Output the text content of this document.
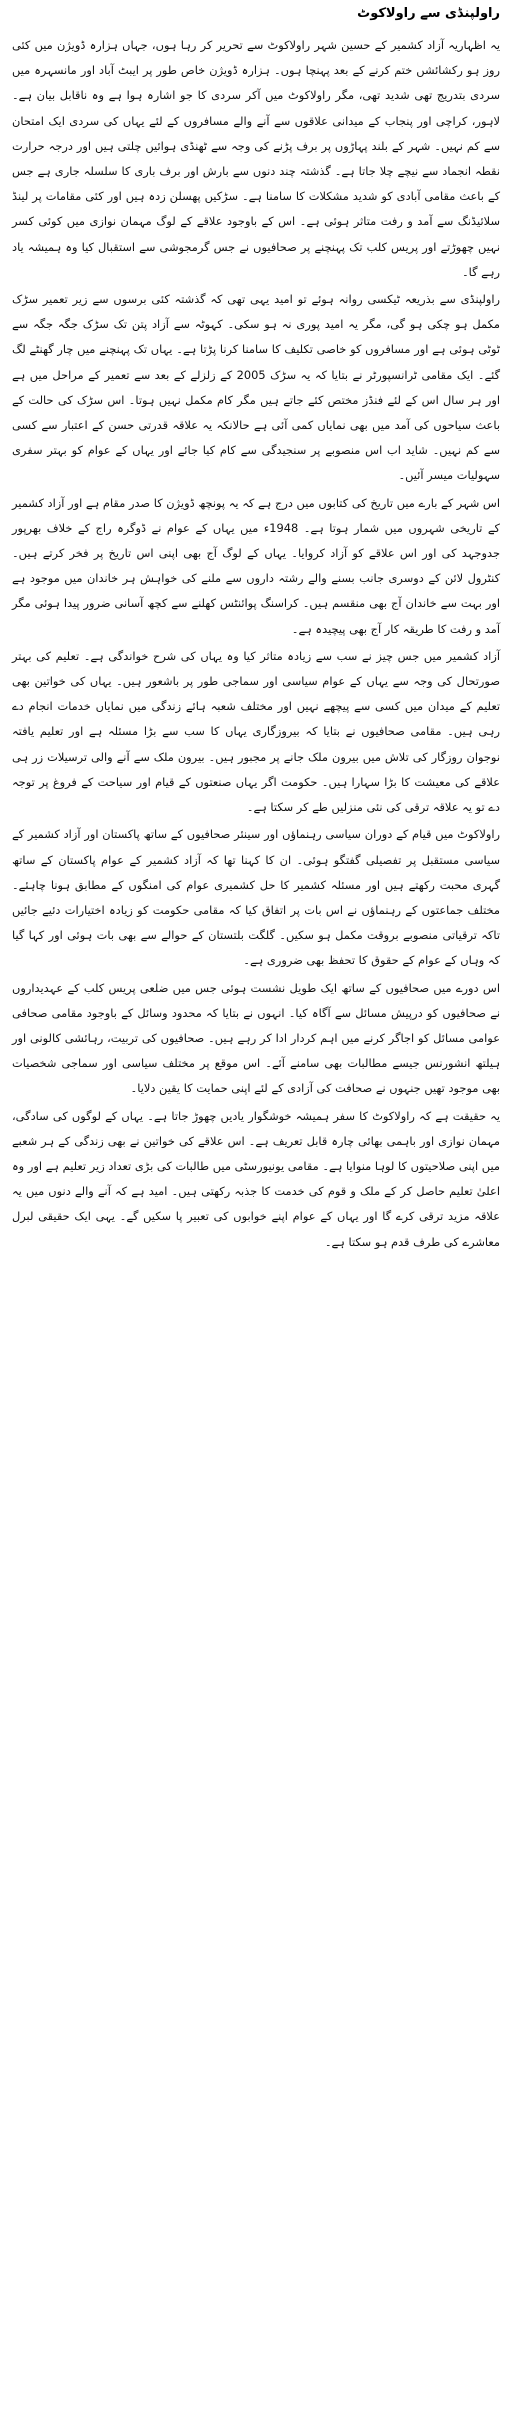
راولپنڈی سے راولاکوٹ

یہ اظہاریہ آزاد کشمیر کے حسین شہر راولاکوٹ سے تحریر کر رہا ہوں، جہاں ہزارہ ڈویژن میں کئی روز ہو رکشائشں ختم کرنے کے بعد پہنچا ہوں۔ ہزارہ ڈویژن خاص طور پر ایبٹ آباد اور مانسہرہ میں سردی بتدریج تھی شدید تھی، مگر راولاکوٹ میں آکر سردی کا جو اشارہ ہوا ہے وہ ناقابل بیان ہے۔ لاہور، کراچی اور پنجاب کے میدانی علاقوں سے آنے والے مسافروں کے لئے یہاں کی سردی ایک امتحان سے کم نہیں۔ شہر کے بلند پہاڑوں پر برف پڑنے کی وجہ سے ٹھنڈی ہوائیں چلتی ہیں اور درجہ حرارت نقطہ انجماد سے نیچے چلا جاتا ہے۔ گذشتہ چند دنوں سے بارش اور برف باری کا سلسلہ جاری ہے جس کے باعث مقامی آبادی کو شدید مشکلات کا سامنا ہے۔ سڑکیں پھسلن زدہ ہیں اور کئی مقامات پر لینڈ سلائیڈنگ سے آمد و رفت متاثر ہوئی ہے۔ اس کے باوجود علاقے کے لوگ مہمان نوازی میں کوئی کسر نہیں چھوڑتے اور پریس کلب تک پہنچنے پر صحافیوں نے جس گرمجوشی سے استقبال کیا وہ ہمیشہ یاد رہے گا۔

راولپنڈی سے بذریعہ ٹیکسی روانہ ہوئے تو امید یہی تھی کہ گذشتہ کئی برسوں سے زیر تعمیر سڑک مکمل ہو چکی ہو گی، مگر یہ امید پوری نہ ہو سکی۔ کہوٹہ سے آزاد پتن تک سڑک جگہ جگہ سے ٹوٹی ہوئی ہے اور مسافروں کو خاصی تکلیف کا سامنا کرنا پڑتا ہے۔ یہاں تک پہنچنے میں چار گھنٹے لگ گئے۔ ایک مقامی ٹرانسپورٹر نے بتایا کہ یہ سڑک 2005 کے زلزلے کے بعد سے تعمیر کے مراحل میں ہے اور ہر سال اس کے لئے فنڈز مختص کئے جاتے ہیں مگر کام مکمل نہیں ہوتا۔ اس سڑک کی حالت کے باعث سیاحوں کی آمد میں بھی نمایاں کمی آئی ہے حالانکہ یہ علاقہ قدرتی حسن کے اعتبار سے کسی سے کم نہیں۔ شاید اب اس منصوبے پر سنجیدگی سے کام کیا جائے اور یہاں کے عوام کو بہتر سفری سہولیات میسر آئیں۔

اس شہر کے بارے میں تاریخ کی کتابوں میں درج ہے کہ یہ پونچھ ڈویژن کا صدر مقام ہے اور آزاد کشمیر کے تاریخی شہروں میں شمار ہوتا ہے۔ 1948ء میں یہاں کے عوام نے ڈوگرہ راج کے خلاف بھرپور جدوجہد کی اور اس علاقے کو آزاد کروایا۔ یہاں کے لوگ آج بھی اپنی اس تاریخ پر فخر کرتے ہیں۔ کنٹرول لائن کے دوسری جانب بسنے والے رشتہ داروں سے ملنے کی خواہش ہر خاندان میں موجود ہے اور بہت سے خاندان آج بھی منقسم ہیں۔ کراسنگ پوائنٹس کھلنے سے کچھ آسانی ضرور پیدا ہوئی مگر آمد و رفت کا طریقہ کار آج بھی پیچیدہ ہے۔

آزاد کشمیر میں جس چیز نے سب سے زیادہ متاثر کیا وہ یہاں کی شرح خواندگی ہے۔ تعلیم کی بہتر صورتحال کی وجہ سے یہاں کے عوام سیاسی اور سماجی طور پر باشعور ہیں۔ یہاں کی خواتین بھی تعلیم کے میدان میں کسی سے پیچھے نہیں اور مختلف شعبہ ہائے زندگی میں نمایاں خدمات انجام دے رہی ہیں۔ مقامی صحافیوں نے بتایا کہ بیروزگاری یہاں کا سب سے بڑا مسئلہ ہے اور تعلیم یافتہ نوجوان روزگار کی تلاش میں بیرون ملک جانے پر مجبور ہیں۔ بیرون ملک سے آنے والی ترسیلات زر ہی علاقے کی معیشت کا بڑا سہارا ہیں۔ حکومت اگر یہاں صنعتوں کے قیام اور سیاحت کے فروغ پر توجہ دے تو یہ علاقہ ترقی کی نئی منزلیں طے کر سکتا ہے۔

راولاکوٹ میں قیام کے دوران سیاسی رہنماؤں اور سینئر صحافیوں کے ساتھ پاکستان اور آزاد کشمیر کے سیاسی مستقبل پر تفصیلی گفتگو ہوئی۔ ان کا کہنا تھا کہ آزاد کشمیر کے عوام پاکستان کے ساتھ گہری محبت رکھتے ہیں اور مسئلہ کشمیر کا حل کشمیری عوام کی امنگوں کے مطابق ہونا چاہئے۔ مختلف جماعتوں کے رہنماؤں نے اس بات پر اتفاق کیا کہ مقامی حکومت کو زیادہ اختیارات دئیے جائیں تاکہ ترقیاتی منصوبے بروقت مکمل ہو سکیں۔ گلگت بلتستان کے حوالے سے بھی بات ہوئی اور کہا گیا کہ وہاں کے عوام کے حقوق کا تحفظ بھی ضروری ہے۔

اس دورے میں صحافیوں کے ساتھ ایک طویل نشست ہوئی جس میں ضلعی پریس کلب کے عہدیداروں نے صحافیوں کو درپیش مسائل سے آگاہ کیا۔ انہوں نے بتایا کہ محدود وسائل کے باوجود مقامی صحافی عوامی مسائل کو اجاگر کرنے میں اہم کردار ادا کر رہے ہیں۔ صحافیوں کی تربیت، رہائشی کالونی اور ہیلتھ انشورنس جیسے مطالبات بھی سامنے آئے۔ اس موقع پر مختلف سیاسی اور سماجی شخصیات بھی موجود تھیں جنہوں نے صحافت کی آزادی کے لئے اپنی حمایت کا یقین دلایا۔

یہ حقیقت ہے کہ راولاکوٹ کا سفر ہمیشہ خوشگوار یادیں چھوڑ جاتا ہے۔ یہاں کے لوگوں کی سادگی، مہمان نوازی اور باہمی بھائی چارہ قابل تعریف ہے۔ اس علاقے کی خواتین نے بھی زندگی کے ہر شعبے میں اپنی صلاحیتوں کا لوہا منوایا ہے۔ مقامی یونیورسٹی میں طالبات کی بڑی تعداد زیر تعلیم ہے اور وہ اعلیٰ تعلیم حاصل کر کے ملک و قوم کی خدمت کا جذبہ رکھتی ہیں۔ امید ہے کہ آنے والے دنوں میں یہ علاقہ مزید ترقی کرے گا اور یہاں کے عوام اپنے خوابوں کی تعبیر پا سکیں گے۔ یہی ایک حقیقی لبرل معاشرے کی طرف قدم ہو سکتا ہے۔
